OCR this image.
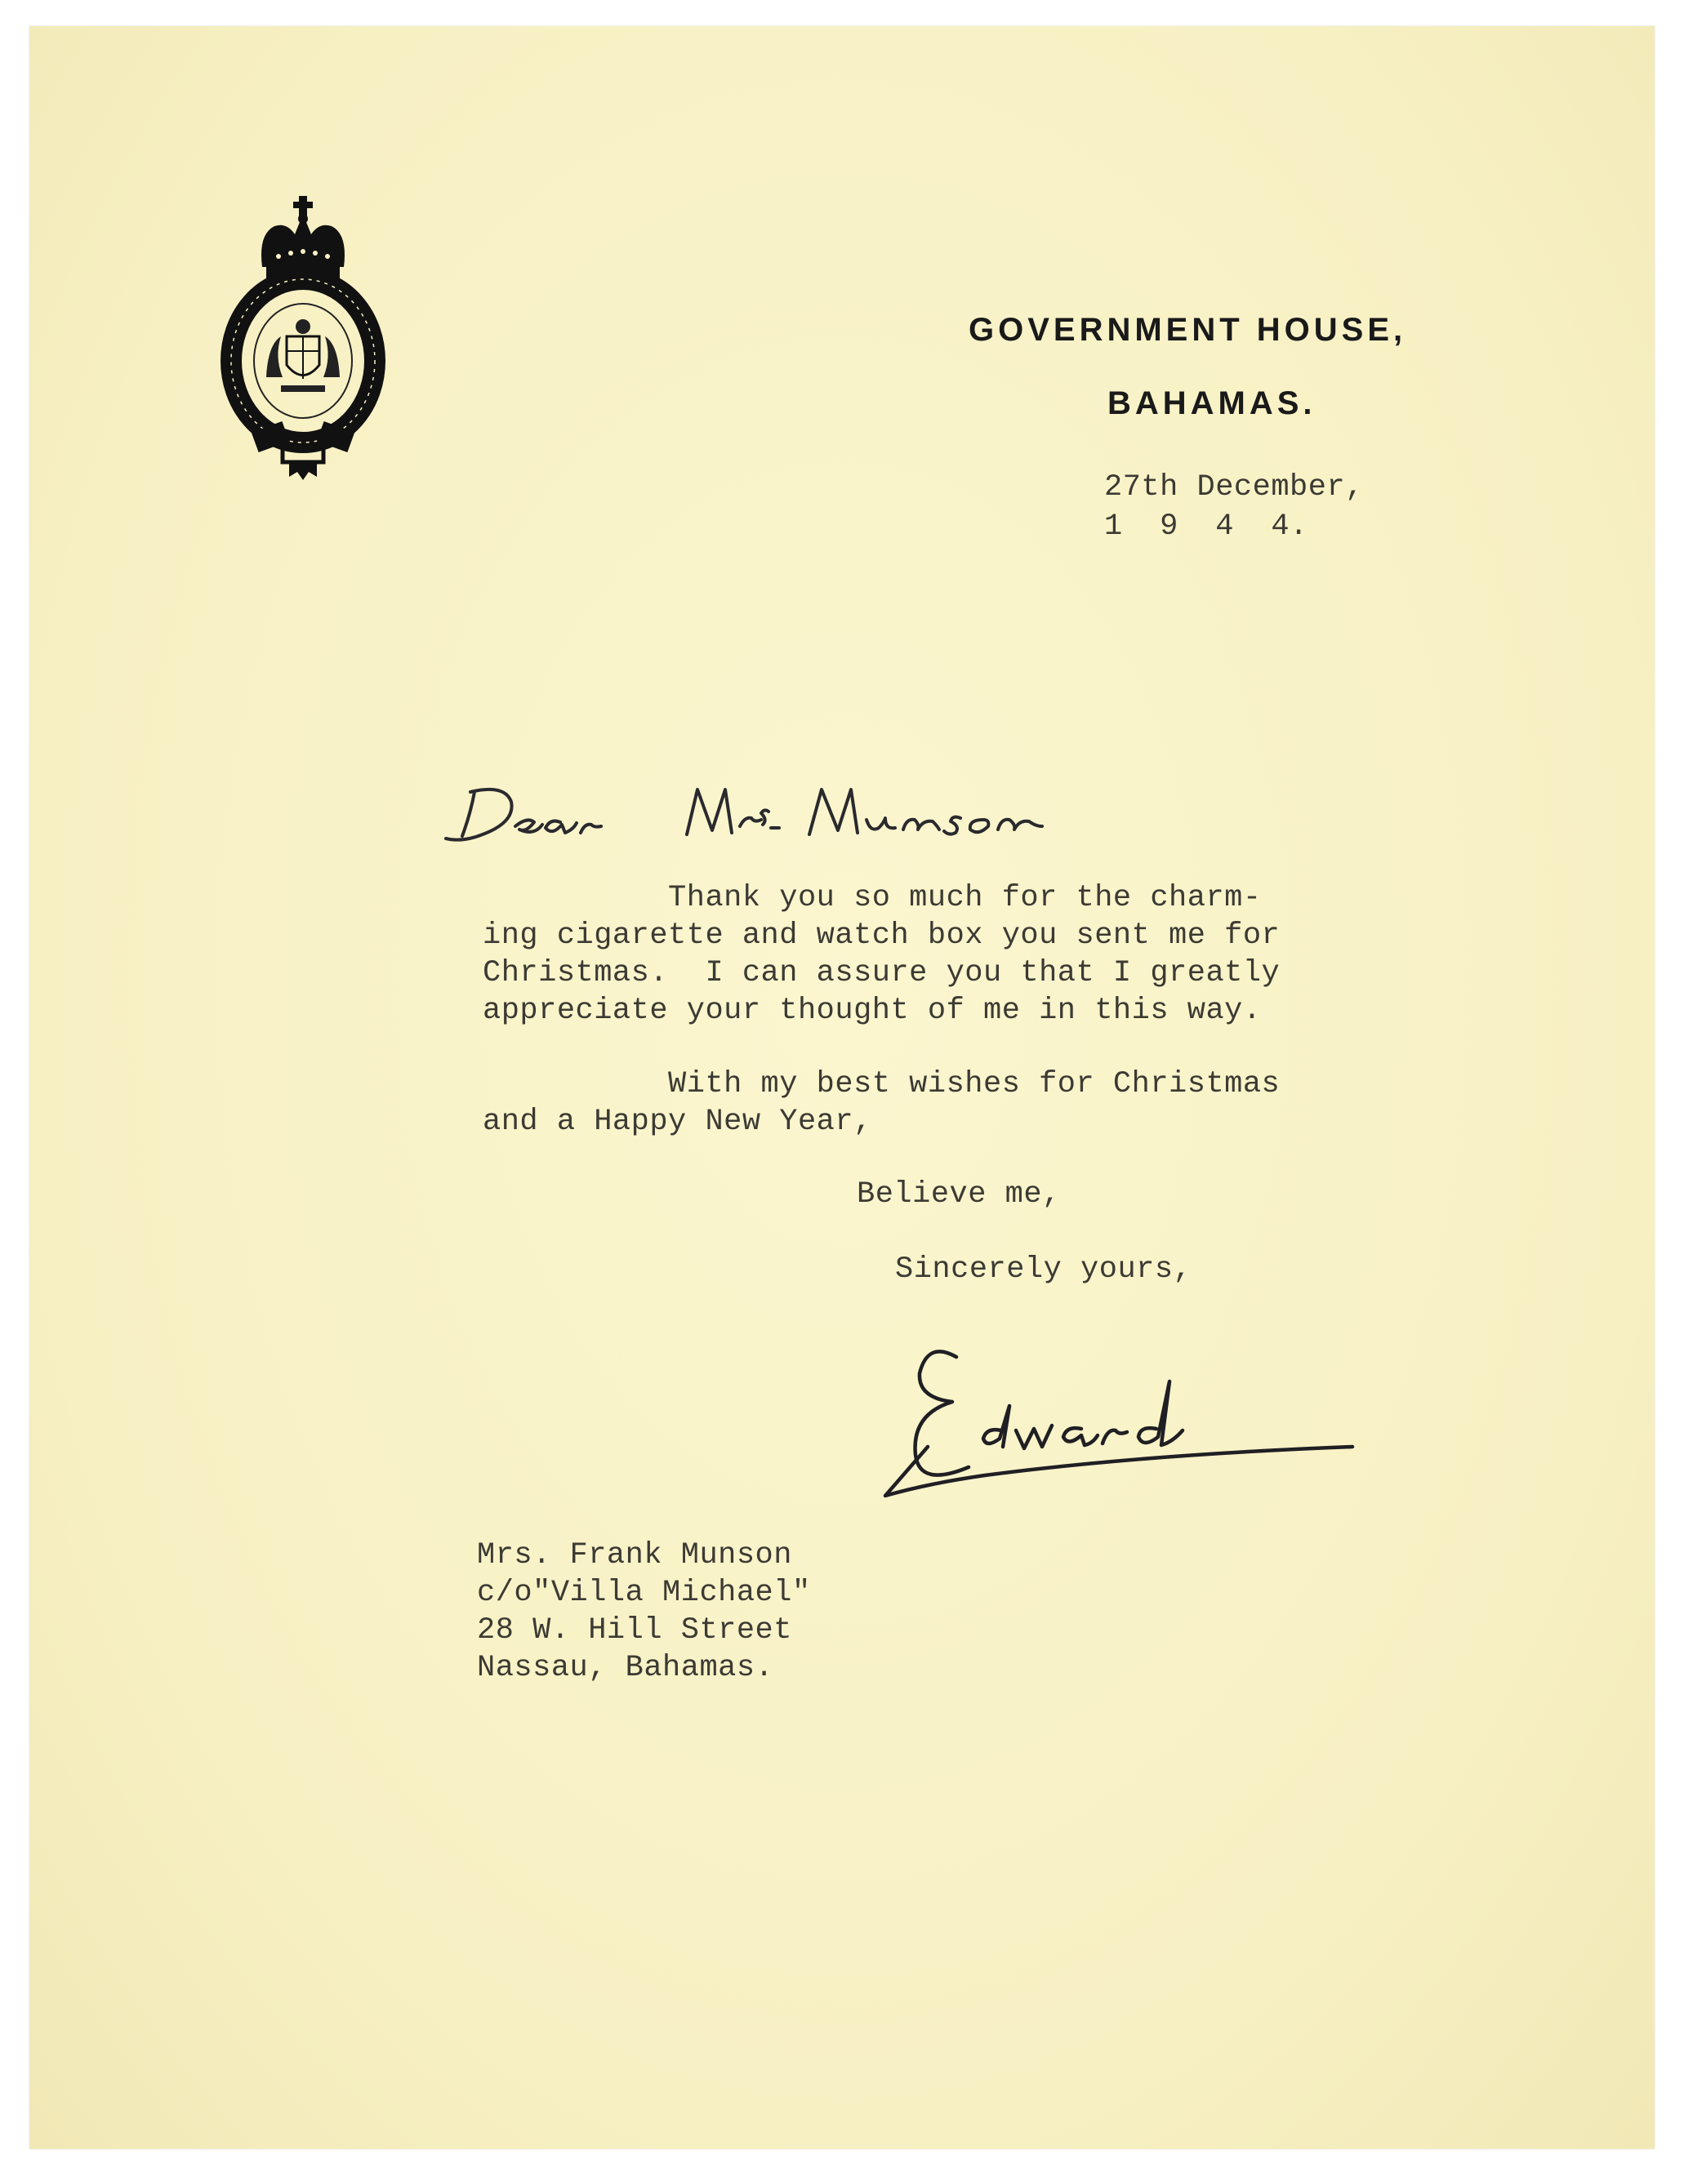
GOVERNMENT HOUSE,
BAHAMAS.
27th December,
1  9  4  4.
Thank you so much for the charm-
ing cigarette and watch box you sent me for
Christmas.  I can assure you that I greatly
appreciate your thought of me in this way.
With my best wishes for Christmas
and a Happy New Year,
Believe me,
Sincerely yours,
Mrs. Frank Munson
c/o"Villa Michael"
28 W. Hill Street
Nassau, Bahamas.
